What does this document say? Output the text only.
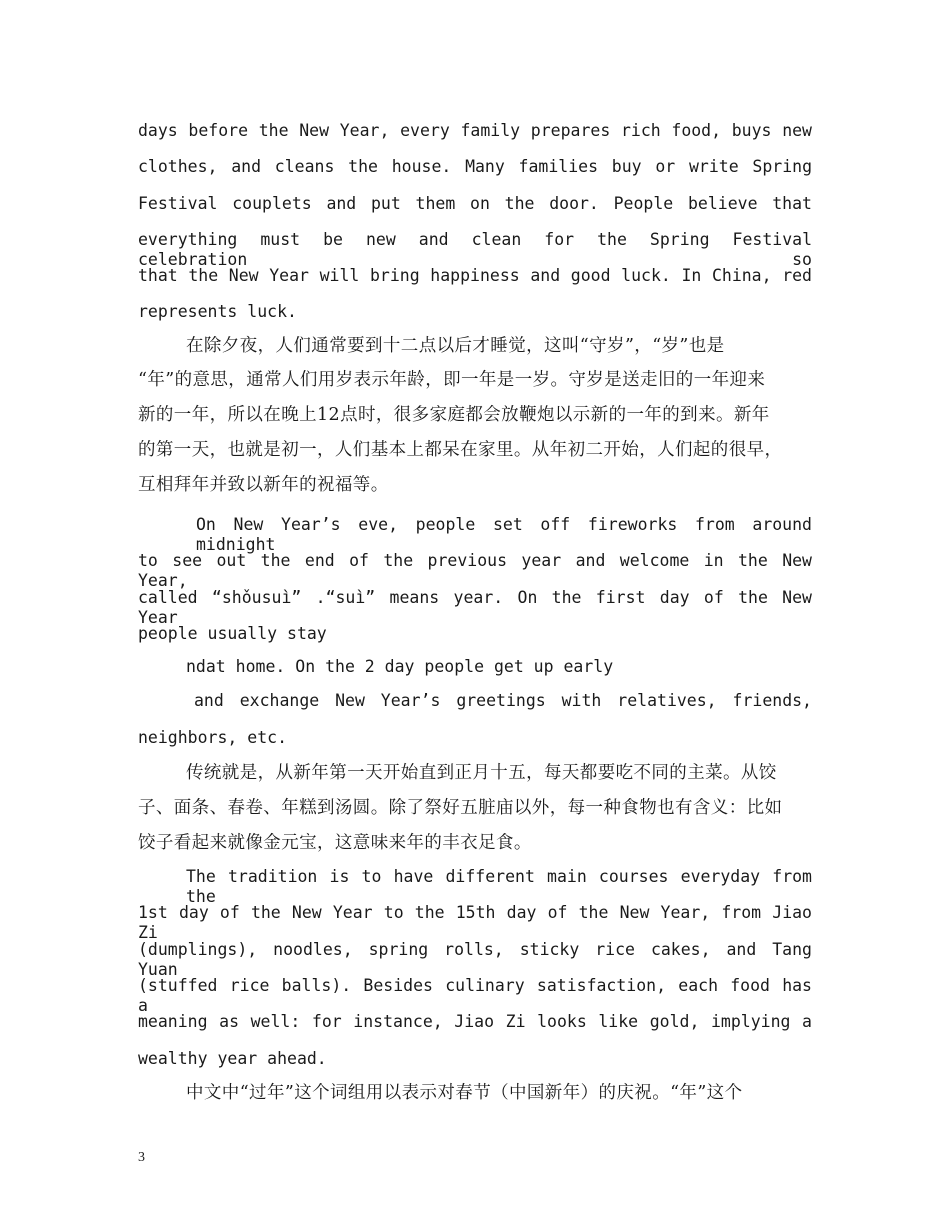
days before the New Year, every family prepares rich food, buys new
clothes, and cleans the house. Many families buy or write Spring
Festival couplets and put them on the door. People believe that
everything must be new and clean for the Spring Festival celebration so
that the New Year will bring happiness and good luck. In China, red
represents luck.
在除夕夜，人们通常要到十二点以后才睡觉，这叫“守岁”，“岁”也是
“年”的意思，通常人们用岁表示年龄，即一年是一岁。守岁是送走旧的一年迎来
新的一年，所以在晚上12点时，很多家庭都会放鞭炮以示新的一年的到来。新年
的第一天，也就是初一，人们基本上都呆在家里。从年初二开始，人们起的很早，
互相拜年并致以新年的祝福等。
On New Year’s eve, people set off fireworks from around midnight
to see out the end of the previous year and welcome in the New Year,
called “shǒusuì” .“suì” means year. On the first day of the New Year
people usually stay
ndat home. On the 2 day people get up early
and exchange New Year’s greetings with relatives, friends,
neighbors, etc.
传统就是，从新年第一天开始直到正月十五，每天都要吃不同的主菜。从饺
子、面条、春卷、年糕到汤圆。除了祭好五脏庙以外，每一种食物也有含义：比如
饺子看起来就像金元宝，这意味来年的丰衣足食。
The tradition is to have different main courses everyday from the
1st day of the New Year to the 15th day of the New Year, from Jiao Zi
(dumplings), noodles, spring rolls, sticky rice cakes, and Tang Yuan
(stuffed rice balls). Besides culinary satisfaction, each food has a
meaning as well: for instance, Jiao Zi looks like gold, implying a
wealthy year ahead.
中文中“过年”这个词组用以表示对春节（中国新年）的庆祝。“年”这个
3
